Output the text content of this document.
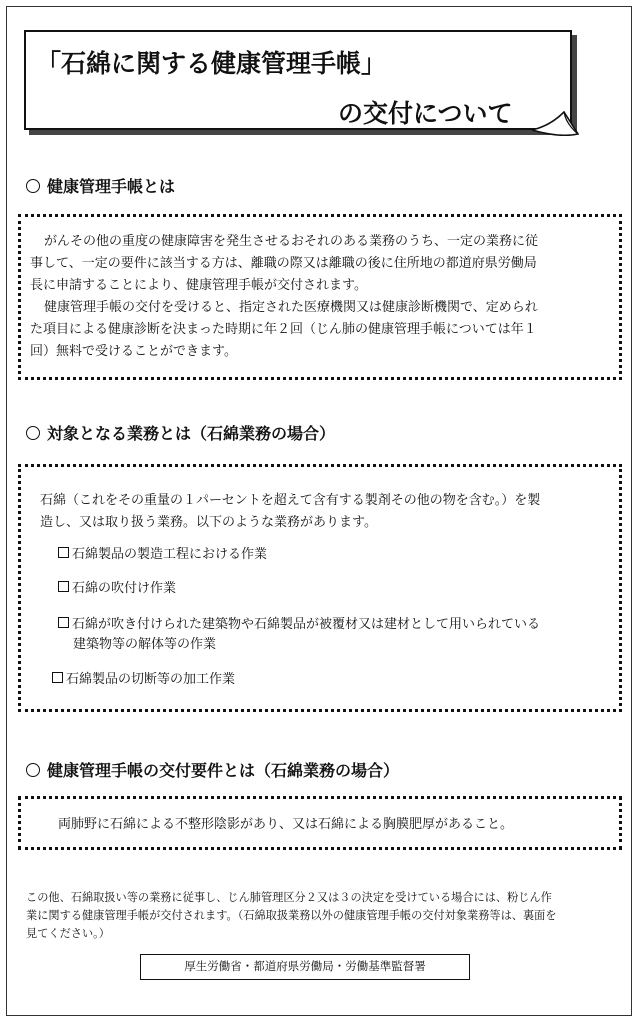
「石綿に関する健康管理手帳」
の交付について
健康管理手帳とは
がんその他の重度の健康障害を発生させるおそれのある業務のうち、一定の業務に従
事して、一定の要件に該当する方は、離職の際又は離職の後に住所地の都道府県労働局
長に申請することにより、健康管理手帳が交付されます。
健康管理手帳の交付を受けると、指定された医療機関又は健康診断機関で、定められ
た項目による健康診断を決まった時期に年２回（じん肺の健康管理手帳については年１
回）無料で受けることができます。
対象となる業務とは（石綿業務の場合）
石綿（これをその重量の１パーセントを超えて含有する製剤その他の物を含む。）を製
造し、又は取り扱う業務。以下のような業務があります。
石綿製品の製造工程における作業
石綿の吹付け作業
石綿が吹き付けられた建築物や石綿製品が被覆材又は建材として用いられている
建築物等の解体等の作業
石綿製品の切断等の加工作業
健康管理手帳の交付要件とは（石綿業務の場合）
両肺野に石綿による不整形陰影があり、又は石綿による胸膜肥厚があること。
この他、石綿取扱い等の業務に従事し、じん肺管理区分２又は３の決定を受けている場合には、粉じん作
業に関する健康管理手帳が交付されます。（石綿取扱業務以外の健康管理手帳の交付対象業務等は、裏面を
見てください。）
厚生労働省・都道府県労働局・労働基準監督署
